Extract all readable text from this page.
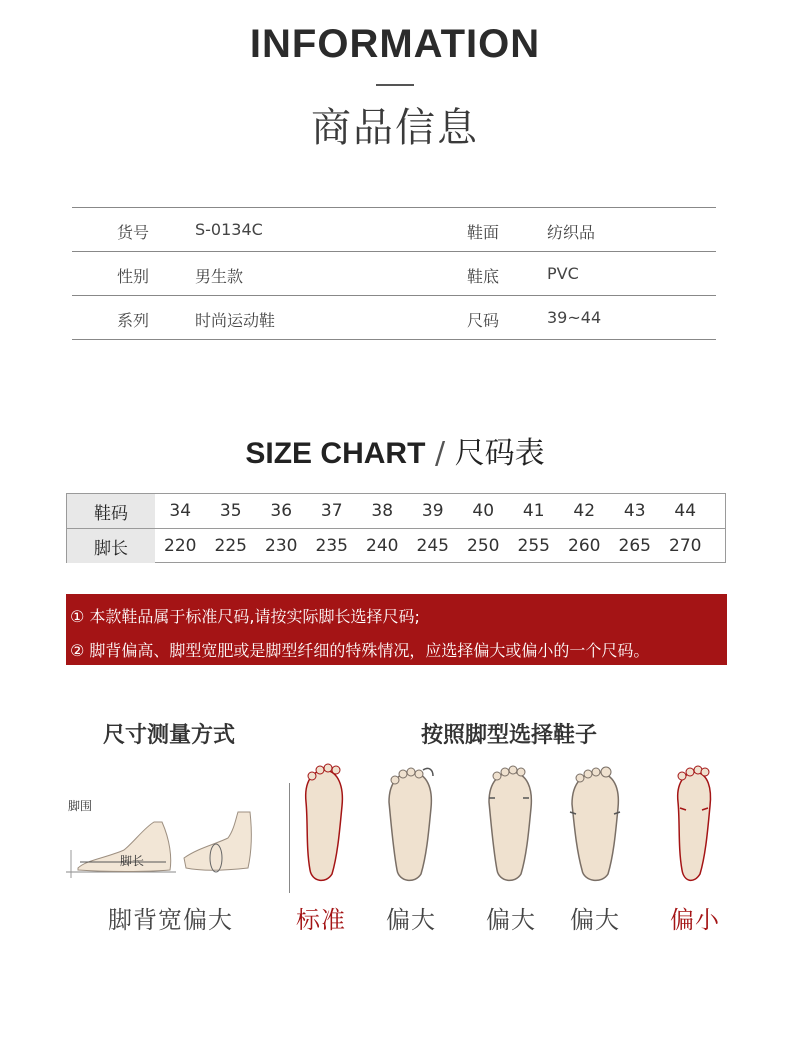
INFORMATION
商品信息
货号	S-0134C	鞋面	纺织品
性别	男生款	鞋底	PVC
系列	时尚运动鞋	尺码	39~44
SIZE CHART / 尺码表
鞋码	34	35	36	37	38	39	40	41	42	43	44
脚长	220	225	230	235	240	245	250	255	260	265	270
① 本款鞋品属于标准尺码,请按实际脚长选择尺码;
② 脚背偏高、脚型宽肥或是脚型纤细的特殊情况，应选择偏大或偏小的一个尺码。
尺寸测量方式	按照脚型选择鞋子
脚围
脚长
脚背宽偏大	标准 偏大 偏大 偏大 偏小
